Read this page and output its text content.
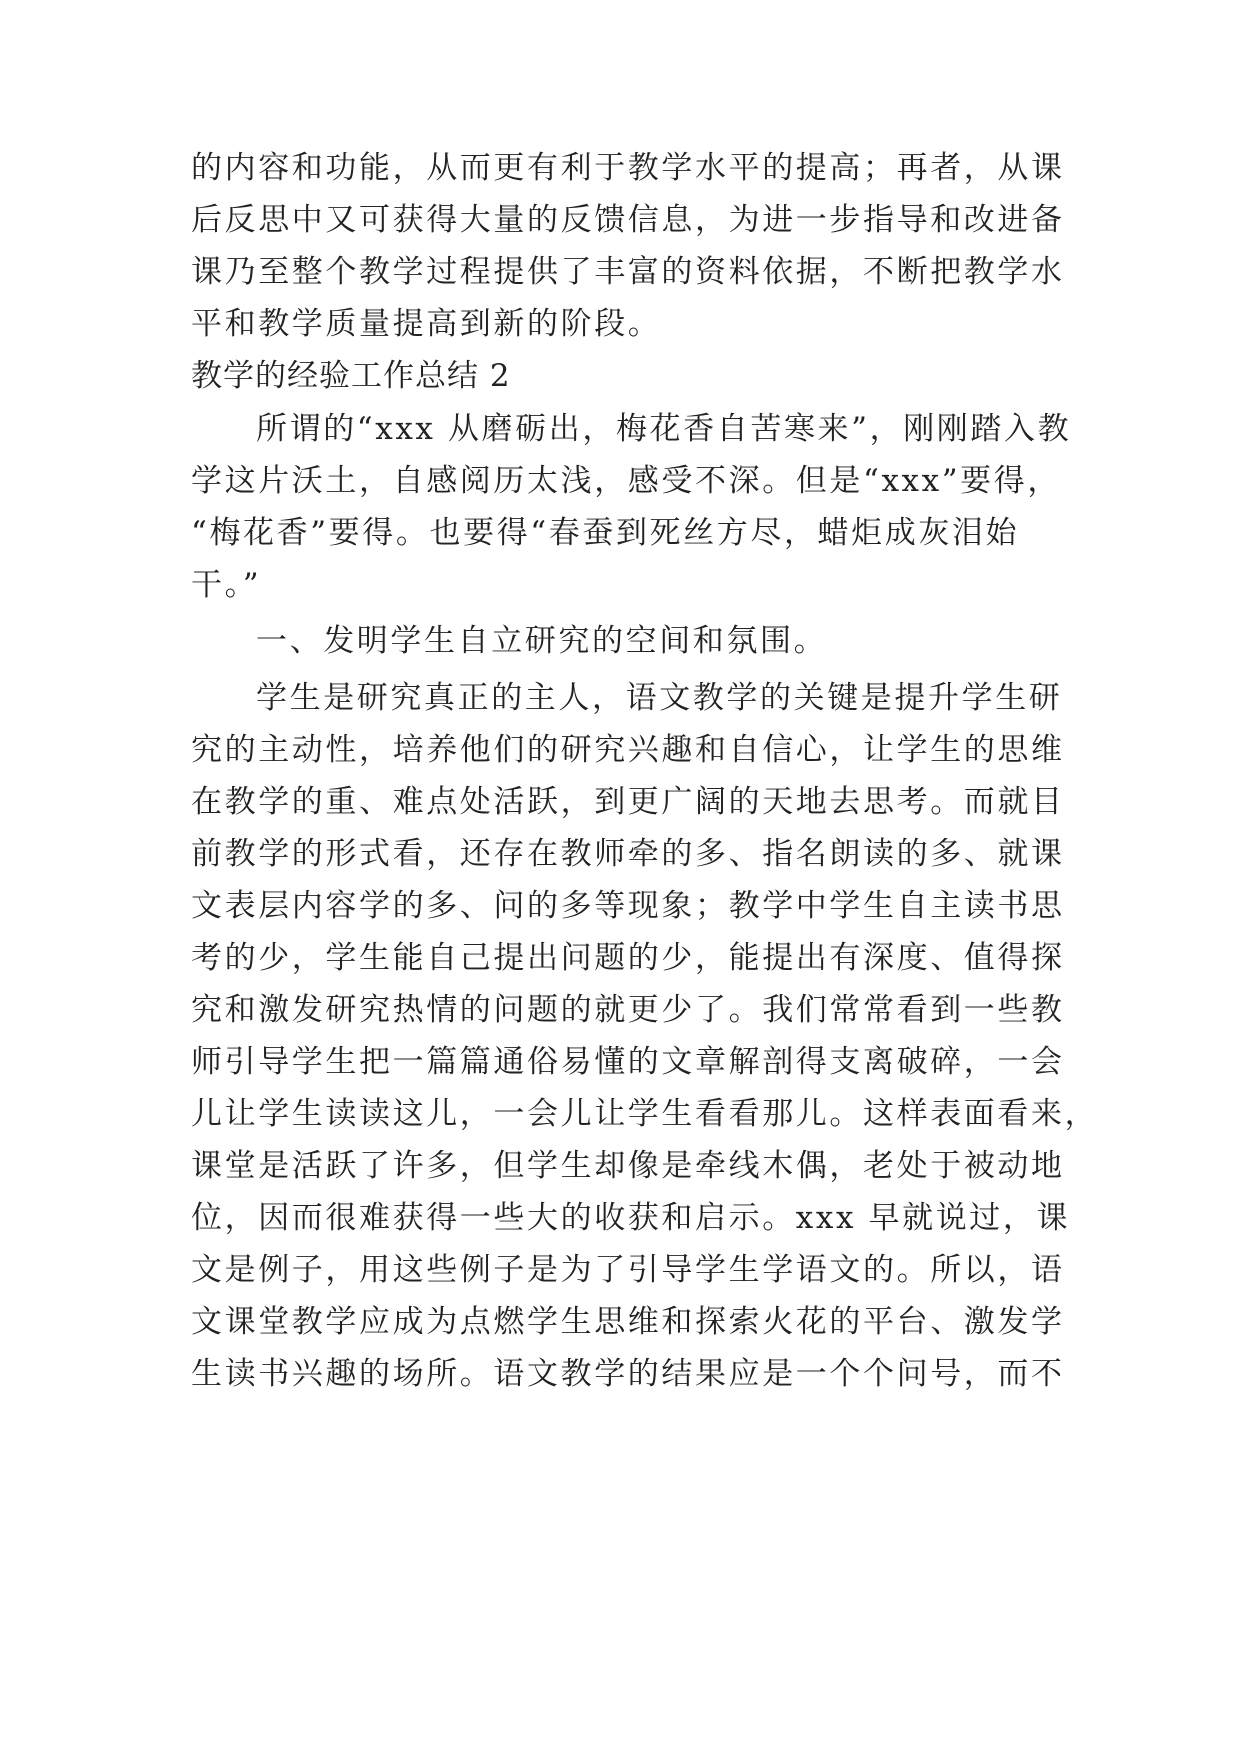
的内容和功能，从而更有利于教学水平的提高；再者，从课
后反思中又可获得大量的反馈信息，为进一步指导和改进备
课乃至整个教学过程提供了丰富的资料依据，不断把教学水
平和教学质量提高到新的阶段。
教学的经验工作总结 2
所谓的“xxx 从磨砺出，梅花香自苦寒来”，刚刚踏入教
学这片沃土，自感阅历太浅，感受不深。但是“xxx”要得，
“梅花香”要得。也要得“春蚕到死丝方尽，蜡炬成灰泪始
干。”
一、发明学生自立研究的空间和氛围。
学生是研究真正的主人，语文教学的关键是提升学生研
究的主动性，培养他们的研究兴趣和自信心，让学生的思维
在教学的重、难点处活跃，到更广阔的天地去思考。而就目
前教学的形式看，还存在教师牵的多、指名朗读的多、就课
文表层内容学的多、问的多等现象；教学中学生自主读书思
考的少，学生能自己提出问题的少，能提出有深度、值得探
究和激发研究热情的问题的就更少了。我们常常看到一些教
师引导学生把一篇篇通俗易懂的文章解剖得支离破碎，一会
儿让学生读读这儿，一会儿让学生看看那儿。这样表面看来，
课堂是活跃了许多，但学生却像是牵线木偶，老处于被动地
位，因而很难获得一些大的收获和启示。xxx 早就说过，课
文是例子，用这些例子是为了引导学生学语文的。所以，语
文课堂教学应成为点燃学生思维和探索火花的平台、激发学
生读书兴趣的场所。语文教学的结果应是一个个问号，而不
